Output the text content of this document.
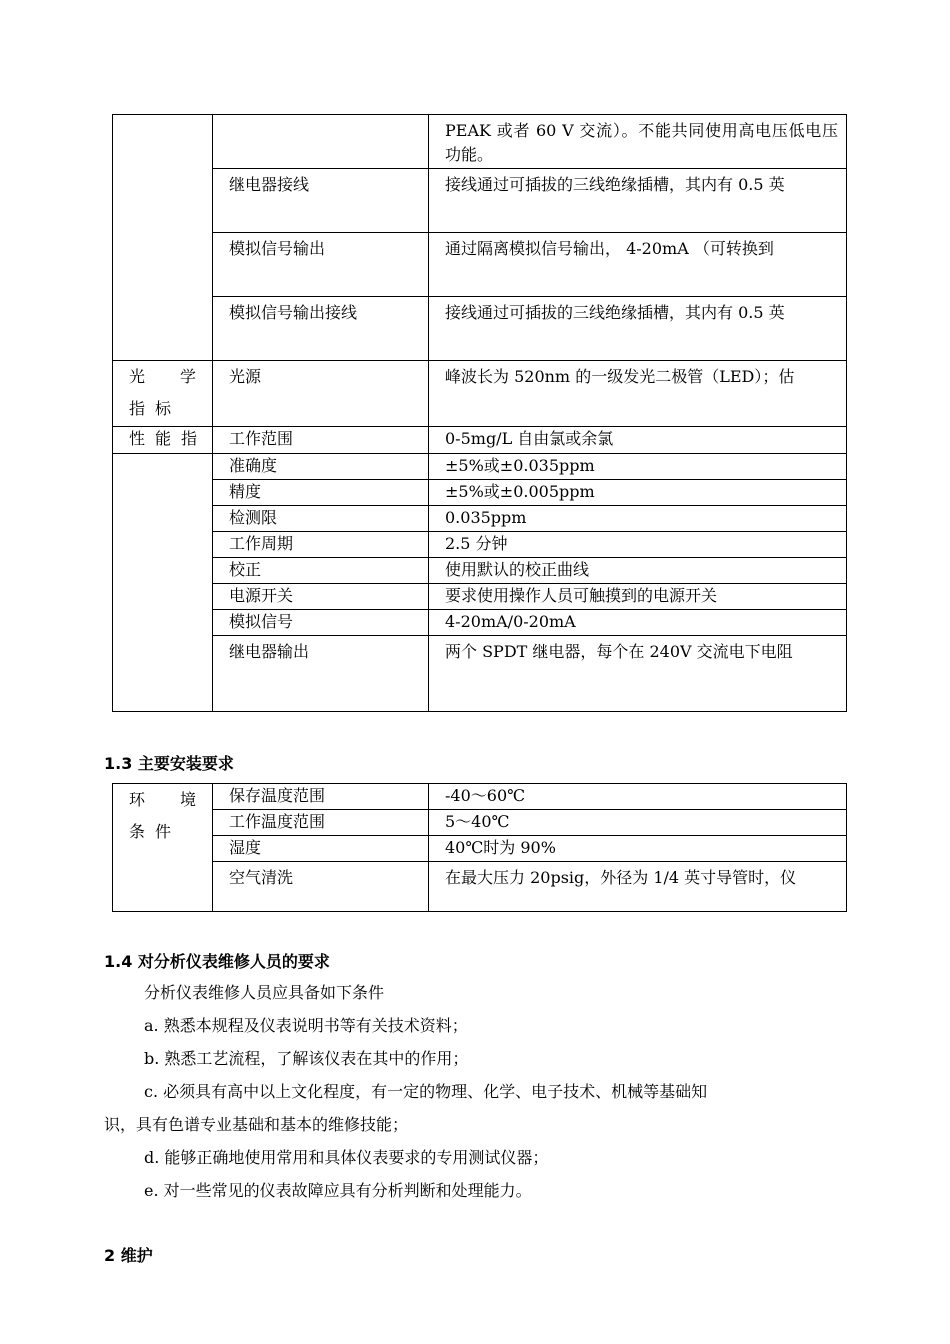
		PEAK 或者 60 V 交流）。不能共同使用高电压低电压功能。
	继电器接线	接线通过可插拔的三线绝缘插槽，其内有 0.5 英
	模拟信号输出	通过隔离模拟信号输出， 4-20mA （可转换到
	模拟信号输出接线	接线通过可插拔的三线绝缘插槽，其内有 0.5 英
光学指标	光源	峰波长为 520nm 的一级发光二极管（LED）；估
性能指	工作范围	0-5mg/L 自由氯或余氯
	准确度	±5%或±0.035ppm
	精度	±5%或±0.005ppm
	检测限	0.035ppm
	工作周期	2.5 分钟
	校正	使用默认的校正曲线
	电源开关	要求使用操作人员可触摸到的电源开关
	模拟信号	4-20mA/0-20mA
	继电器输出	两个 SPDT 继电器，每个在 240V 交流电下电阻
1.3 主要安装要求
环境条件	保存温度范围	-40～60℃
	工作温度范围	5～40℃
	湿度	40℃时为 90%
	空气清洗	在最大压力 20psig，外径为 1/4 英寸导管时，仪
1.4 对分析仪表维修人员的要求
分析仪表维修人员应具备如下条件
a. 熟悉本规程及仪表说明书等有关技术资料；
b. 熟悉工艺流程，了解该仪表在其中的作用；
c. 必须具有高中以上文化程度，有一定的物理、化学、电子技术、机械等基础知
识，具有色谱专业基础和基本的维修技能；
d. 能够正确地使用常用和具体仪表要求的专用测试仪器；
e. 对一些常见的仪表故障应具有分析判断和处理能力。
2 维护
